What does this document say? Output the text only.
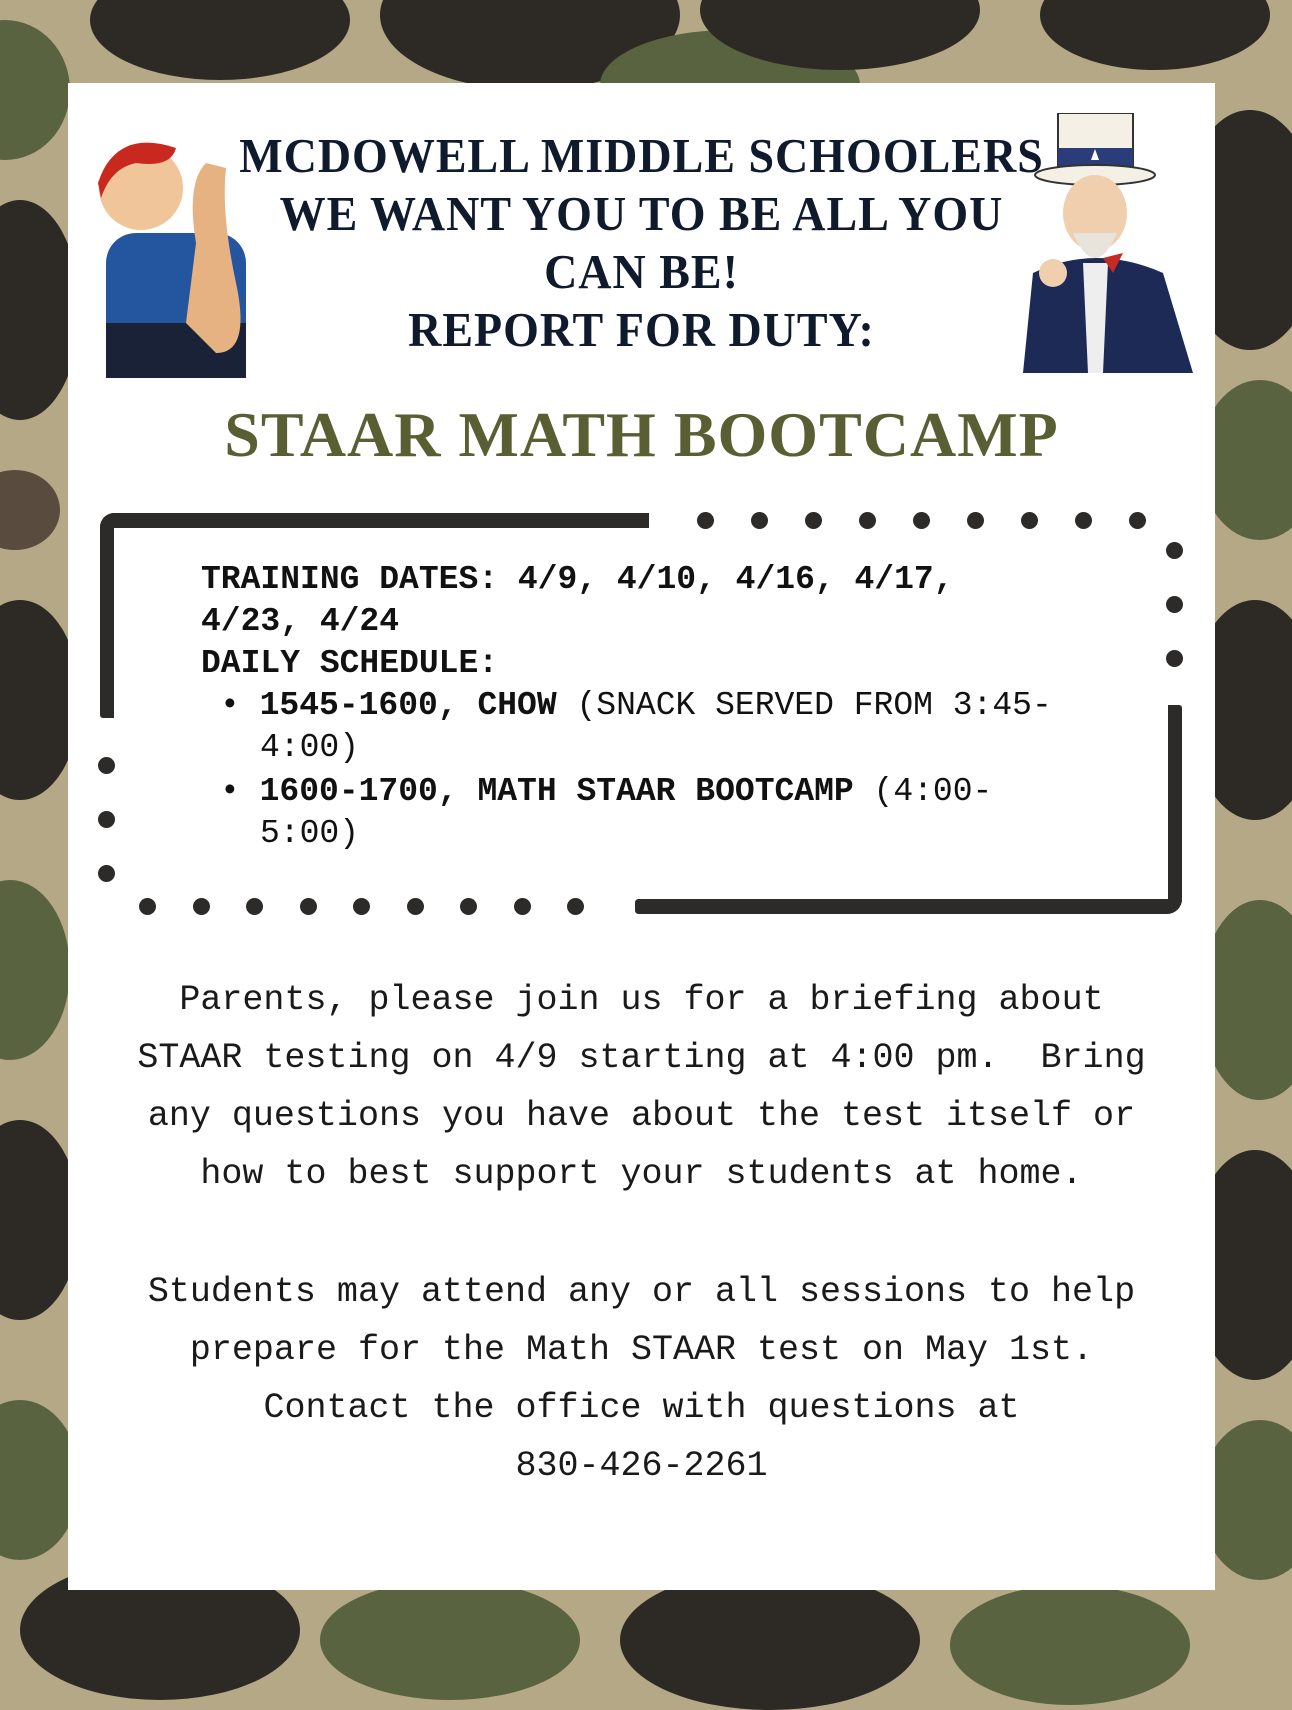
MCDOWELL MIDDLE SCHOOLERS
WE WANT YOU TO BE ALL YOU
CAN BE!
REPORT FOR DUTY:
STAAR MATH BOOTCAMP
TRAINING DATES: 4/9, 4/10, 4/16, 4/17,
4/23, 4/24
DAILY SCHEDULE:
• 1545-1600, CHOW (SNACK SERVED FROM 3:45-
4:00)
• 1600-1700, MATH STAAR BOOTCAMP (4:00-
5:00)
Parents, please join us for a briefing about
STAAR testing on 4/9 starting at 4:00 pm.  Bring
any questions you have about the test itself or
how to best support your students at home.
Students may attend any or all sessions to help
prepare for the Math STAAR test on May 1st.
Contact the office with questions at
830-426-2261
